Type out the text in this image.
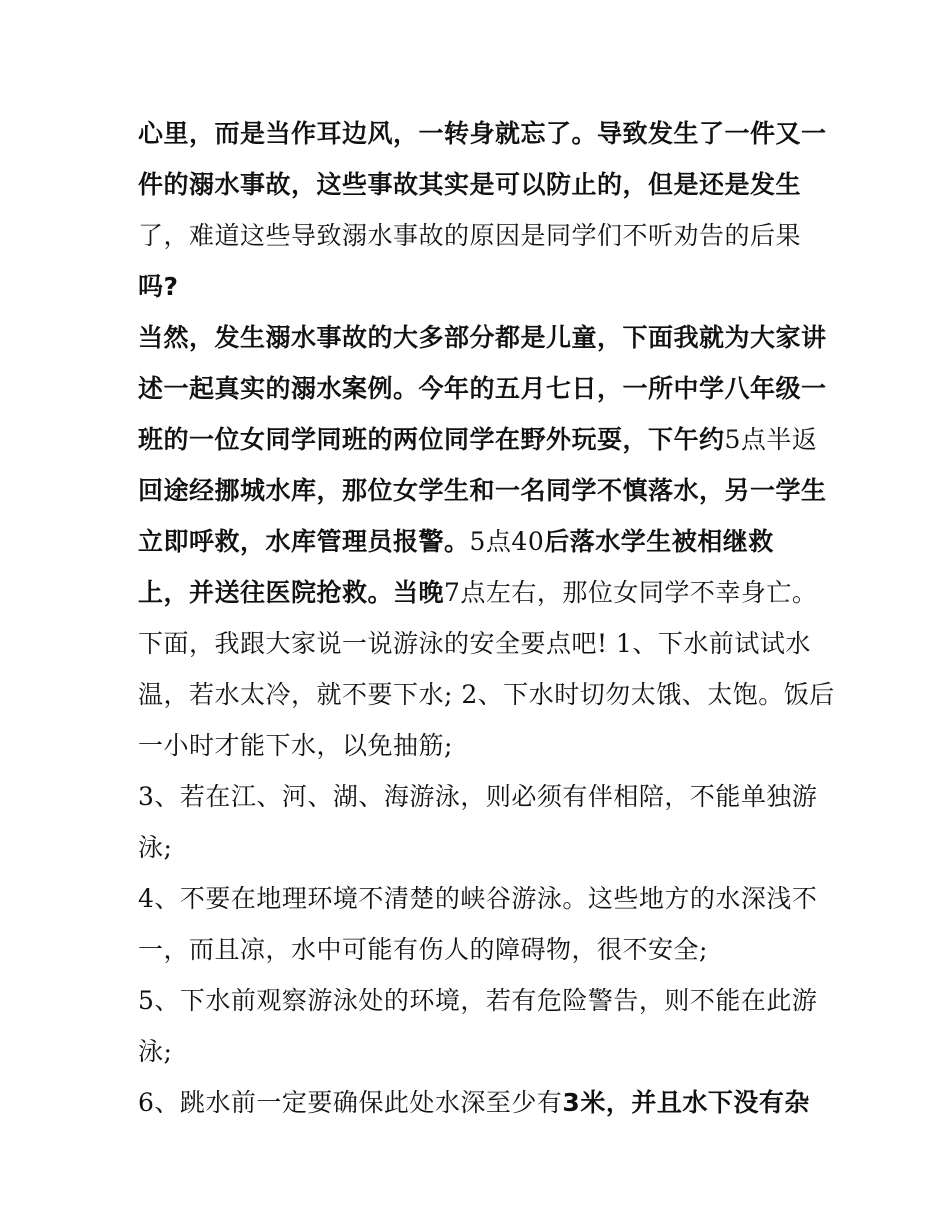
心里，而是当作耳边风，一转身就忘了。导致发生了一件又一
件的溺水事故，这些事故其实是可以防止的，但是还是发生
了，难道这些导致溺水事故的原因是同学们不听劝告的后果
吗?
当然，发生溺水事故的大多部分都是儿童，下面我就为大家讲
述一起真实的溺水案例。今年的五月七日，一所中学八年级一
班的一位女同学同班的两位同学在野外玩耍，下午约5点半返
回途经挪城水库，那位女学生和一名同学不慎落水，另一学生
立即呼救，水库管理员报警。5点40后落水学生被相继救
上，并送往医院抢救。当晚7点左右，那位女同学不幸身亡。
下面，我跟大家说一说游泳的安全要点吧! 1、下水前试试水
温，若水太冷，就不要下水; 2、下水时切勿太饿、太饱。饭后
一小时才能下水，以免抽筋;
3、若在江、河、湖、海游泳，则必须有伴相陪，不能单独游
泳;
4、不要在地理环境不清楚的峡谷游泳。这些地方的水深浅不
一，而且凉，水中可能有伤人的障碍物，很不安全;
5、下水前观察游泳处的环境，若有危险警告，则不能在此游
泳;
6、跳水前一定要确保此处水深至少有3米，并且水下没有杂
